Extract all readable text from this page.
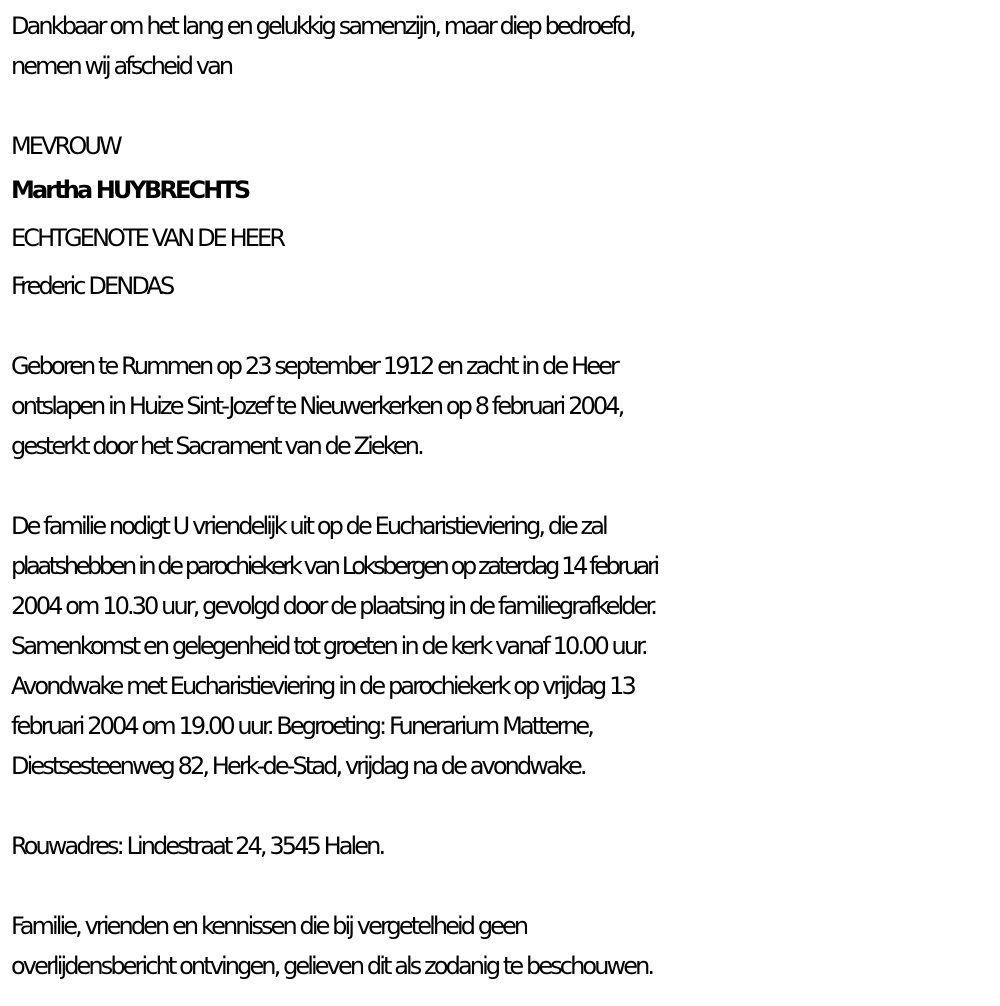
Dankbaar om het lang en gelukkig samenzijn, maar diep bedroefd,
nemen wij afscheid van
MEVROUW
Martha HUYBRECHTS
ECHTGENOTE VAN DE HEER
Frederic DENDAS
Geboren te Rummen op 23 september 1912 en zacht in de Heer
ontslapen in Huize Sint-Jozef te Nieuwerkerken op 8 februari 2004,
gesterkt door het Sacrament van de Zieken.
De familie nodigt U vriendelijk uit op de Eucharistieviering, die zal
plaatshebben in de parochiekerk van Loksbergen op zaterdag 14 februari
2004 om 10.30 uur, gevolgd door de plaatsing in de familiegrafkelder.
Samenkomst en gelegenheid tot groeten in de kerk vanaf 10.00 uur.
Avondwake met Eucharistieviering in de parochiekerk op vrijdag 13
februari 2004 om 19.00 uur. Begroeting: Funerarium Matterne,
Diestsesteenweg 82, Herk-de-Stad, vrijdag na de avondwake.
Rouwadres: Lindestraat 24, 3545 Halen.
Familie, vrienden en kennissen die bij vergetelheid geen
overlijdensbericht ontvingen, gelieven dit als zodanig te beschouwen.
